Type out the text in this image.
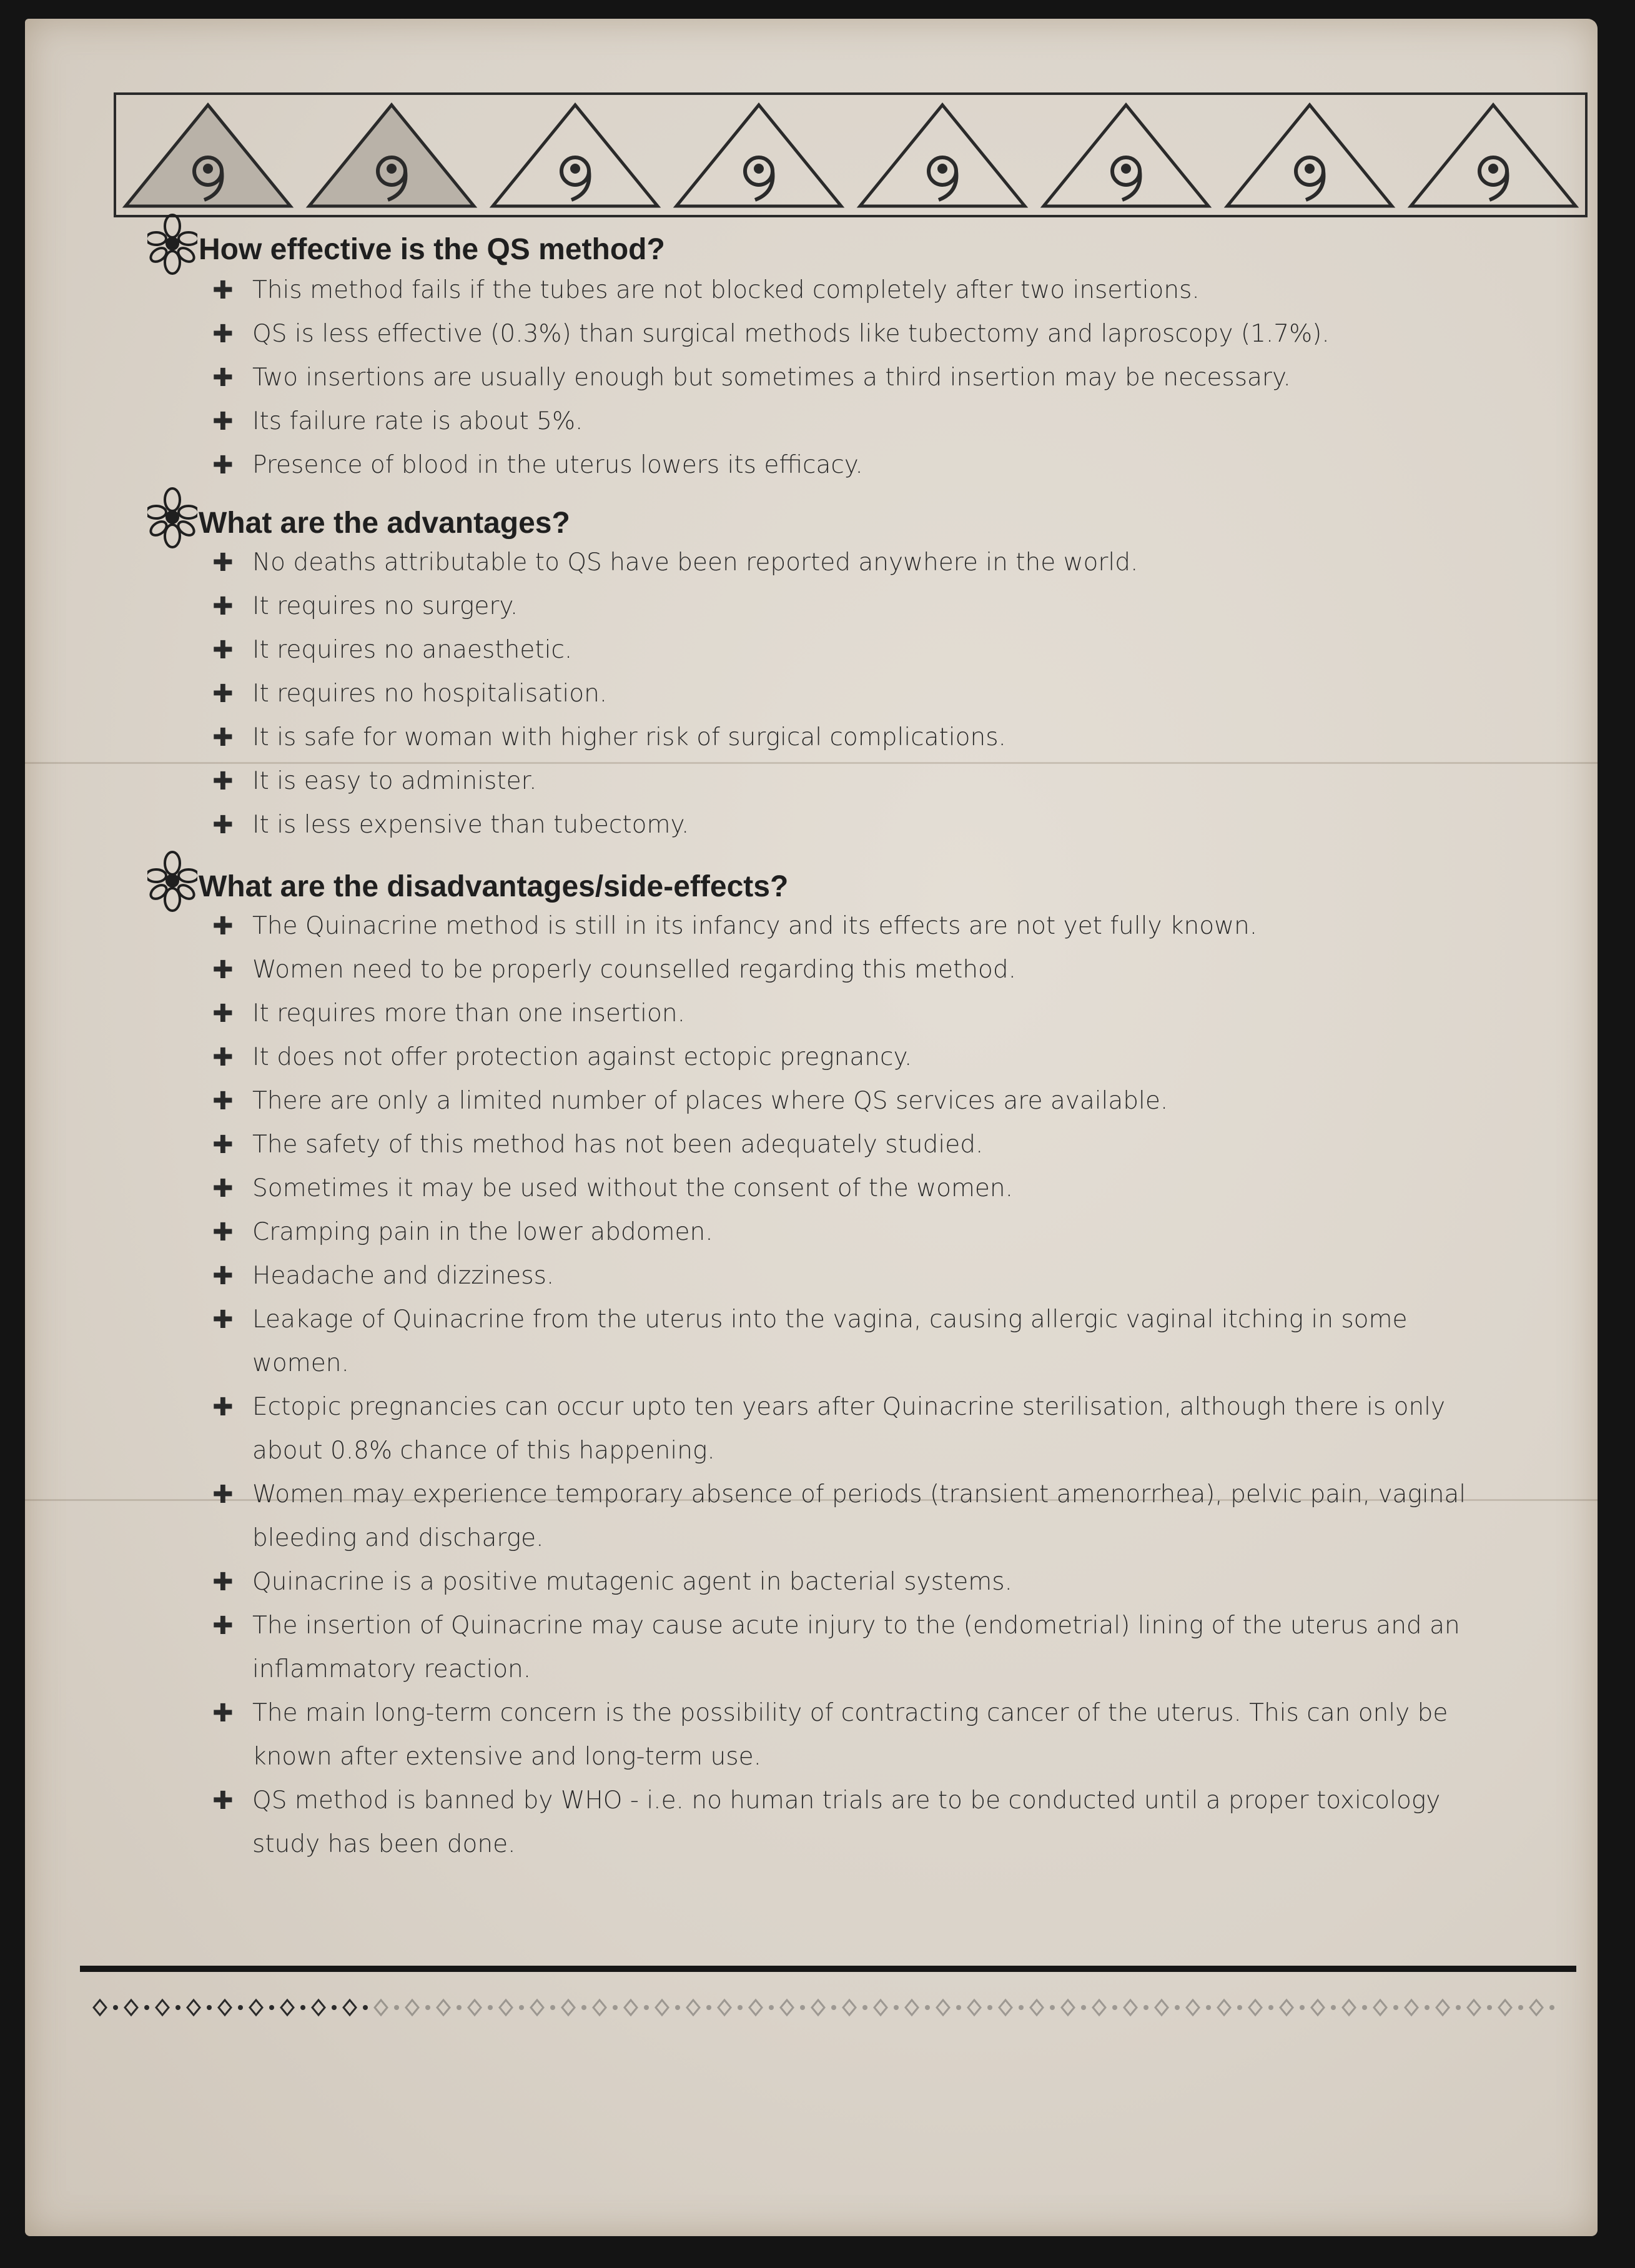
How effective is the QS method?
✚ This method fails if the tubes are not blocked completely after two insertions.
✚ QS is less effective (0.3%) than surgical methods like tubectomy and laproscopy (1.7%).
✚ Two insertions are usually enough but sometimes a third insertion may be necessary.
✚ Its failure rate is about 5%.
✚ Presence of blood in the uterus lowers its efficacy.
What are the advantages?
✚ No deaths attributable to QS have been reported anywhere in the world.
✚ It requires no surgery.
✚ It requires no anaesthetic.
✚ It requires no hospitalisation.
✚ It is safe for woman with higher risk of surgical complications.
✚ It is easy to administer.
✚ It is less expensive than tubectomy.
What are the disadvantages/side-effects?
✚ The Quinacrine method is still in its infancy and its effects are not yet fully known.
✚ Women need to be properly counselled regarding this method.
✚ It requires more than one insertion.
✚ It does not offer protection against ectopic pregnancy.
✚ There are only a limited number of places where QS services are available.
✚ The safety of this method has not been adequately studied.
✚ Sometimes it may be used without the consent of the women.
✚ Cramping pain in the lower abdomen.
✚ Headache and dizziness.
✚ Leakage of Quinacrine from the uterus into the vagina, causing allergic vaginal itching in some women.
✚ Ectopic pregnancies can occur upto ten years after Quinacrine sterilisation, although there is only about 0.8% chance of this happening.
✚ Women may experience temporary absence of periods (transient amenorrhea), pelvic pain, vaginal bleeding and discharge.
✚ Quinacrine is a positive mutagenic agent in bacterial systems.
✚ The insertion of Quinacrine may cause acute injury to the (endometrial) lining of the uterus and an inflammatory reaction.
✚ The main long-term concern is the possibility of contracting cancer of the uterus. This can only be known after extensive and long-term use.
✚ QS method is banned by WHO - i.e. no human trials are to be conducted until a proper toxicology study has been done.
